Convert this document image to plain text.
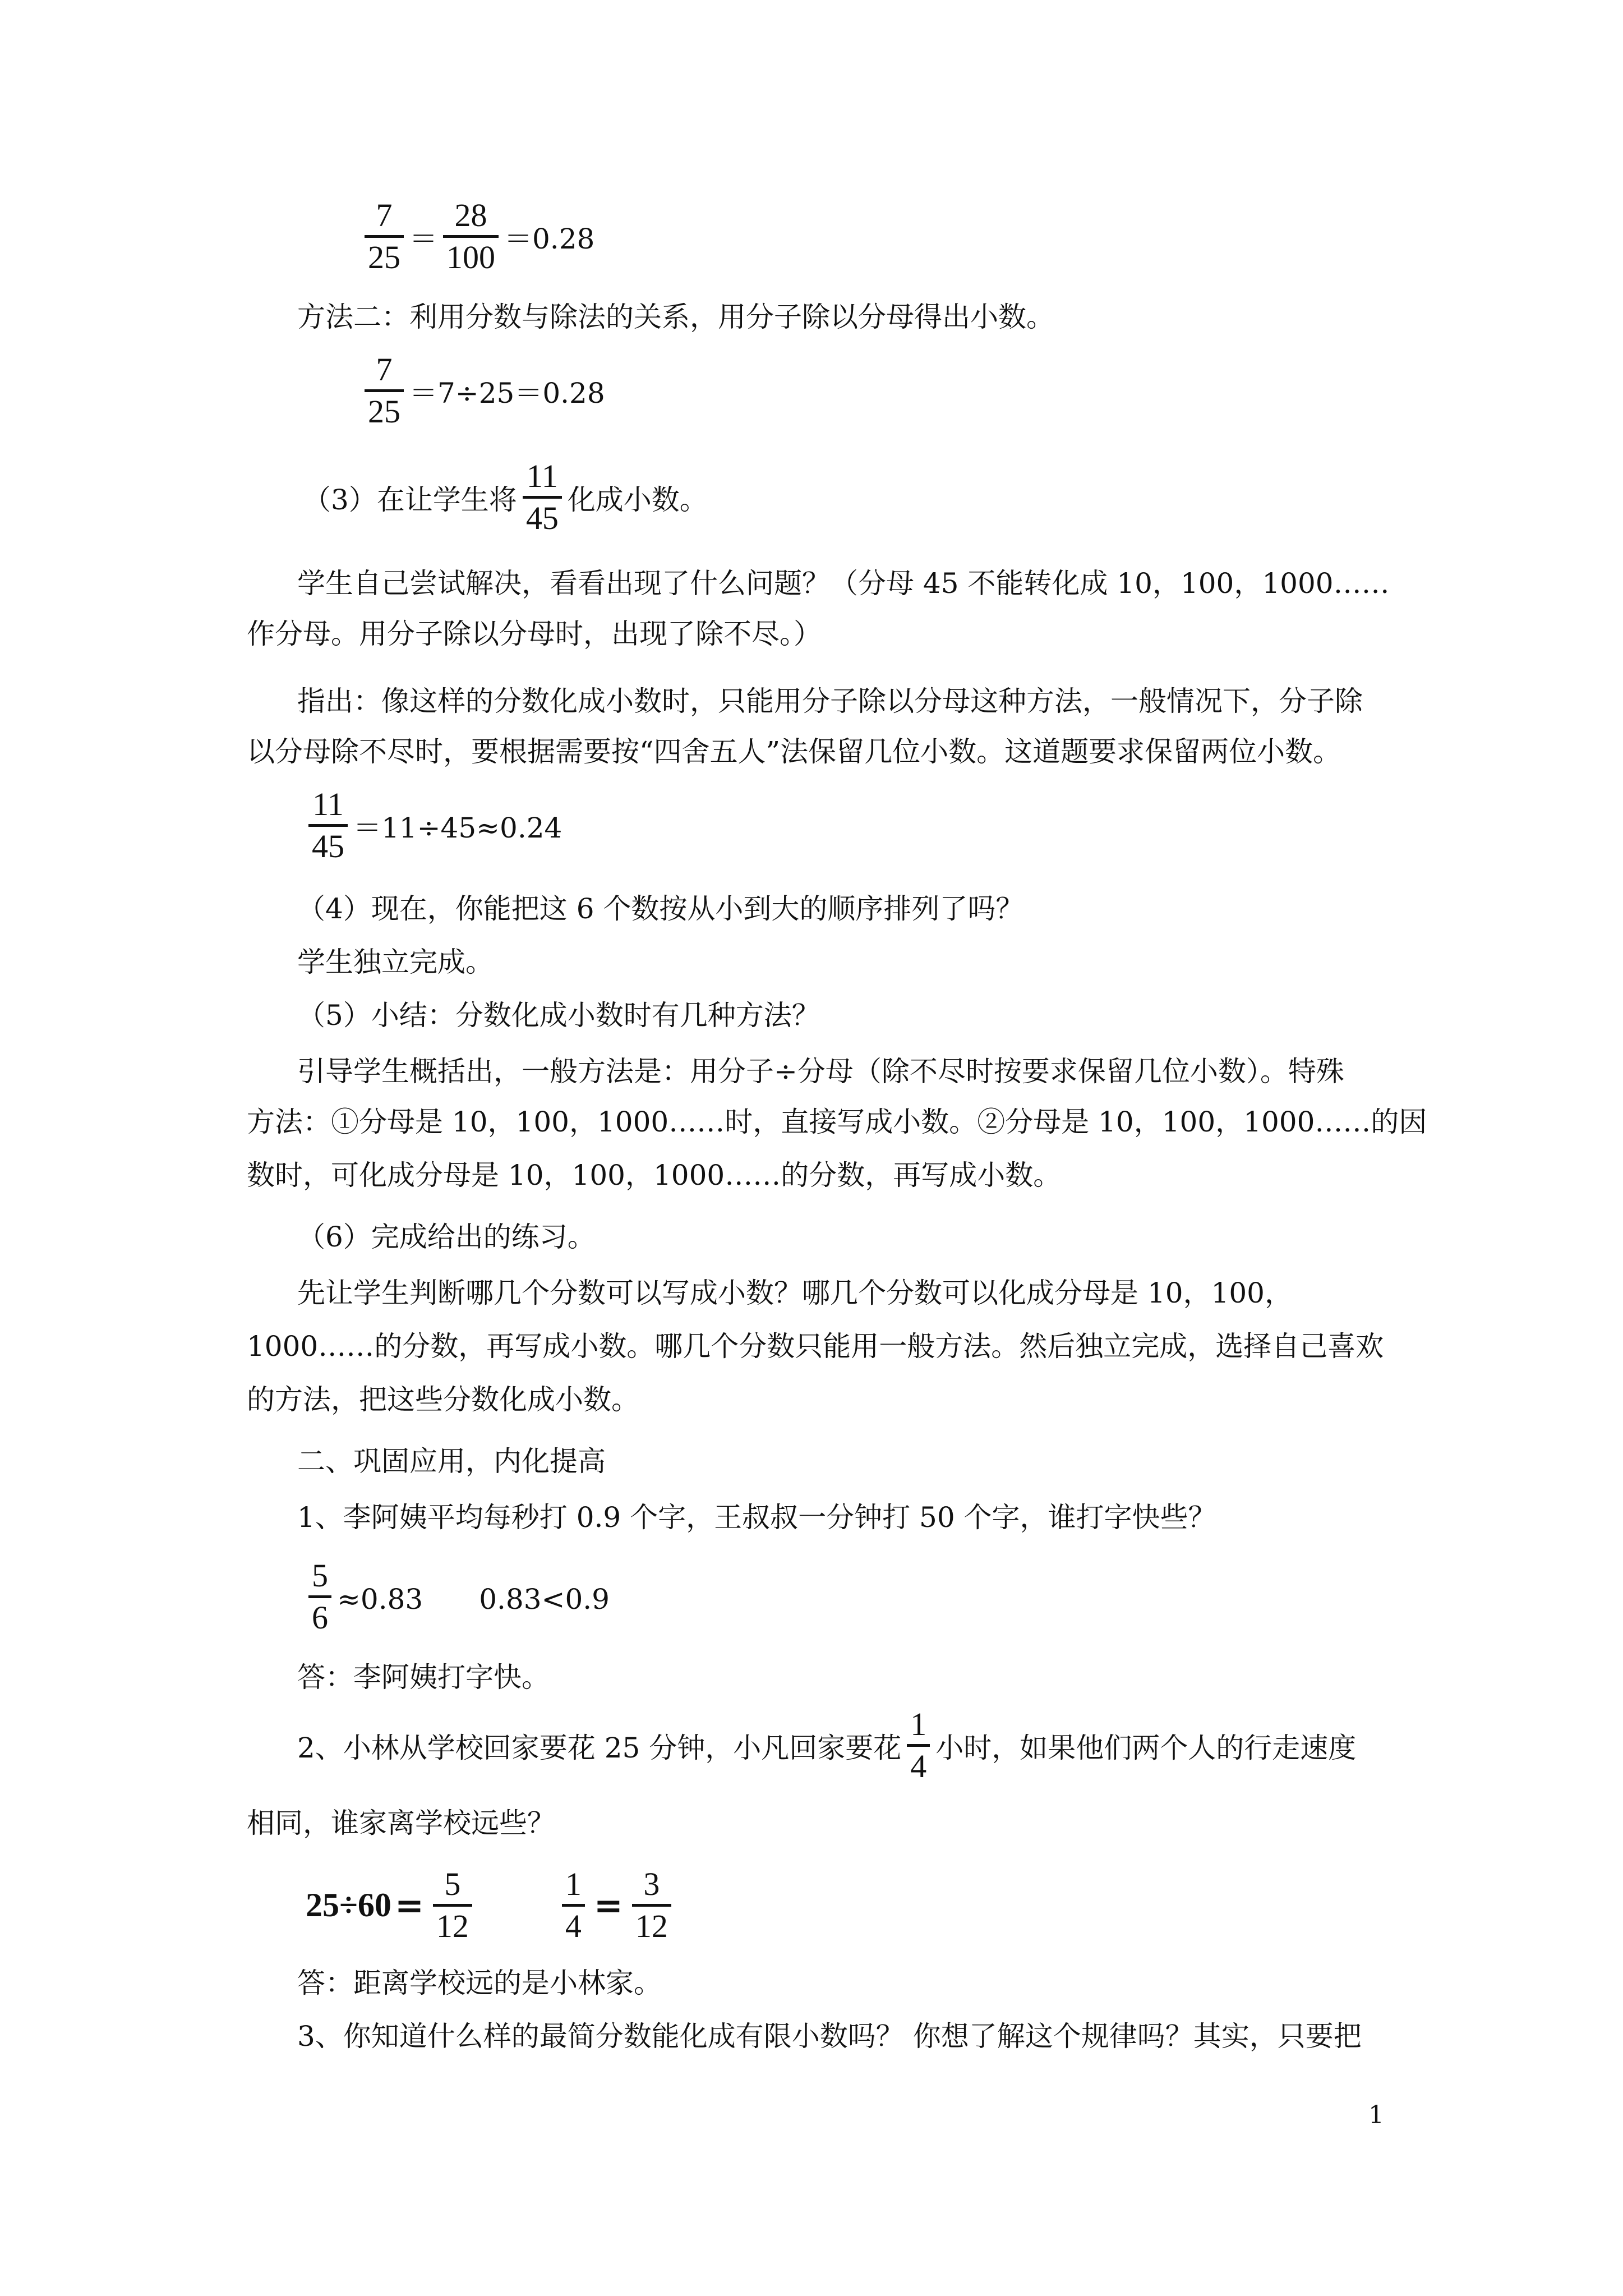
7
25
＝
28
100
＝0.28
方法二：利用分数与除法的关系，用分子除以分母得出小数。
7
25
＝7÷25＝0.28
（3）在让学生将
11
45
化成小数。
学生自己尝试解决，看看出现了什么问题？（分母 45 不能转化成 10，100，1000……
作分母。用分子除以分母时，出现了除不尽。）
指出：像这样的分数化成小数时，只能用分子除以分母这种方法，一般情况下，分子除
以分母除不尽时，要根据需要按“四舍五人”法保留几位小数。这道题要求保留两位小数。
11
45
＝11÷45≈0.24
（4）现在，你能把这 6 个数按从小到大的顺序排列了吗？
学生独立完成。
（5）小结：分数化成小数时有几种方法？
引导学生概括出，一般方法是：用分子÷分母（除不尽时按要求保留几位小数）。特殊
方法：①分母是 10，100，1000……时，直接写成小数。②分母是 10，100，1000……的因
数时，可化成分母是 10，100，1000……的分数，再写成小数。
（6）完成给出的练习。
先让学生判断哪几个分数可以写成小数？哪几个分数可以化成分母是 10，100，
1000……的分数，再写成小数。哪几个分数只能用一般方法。然后独立完成，选择自己喜欢
的方法，把这些分数化成小数。
二、巩固应用，内化提高
1、李阿姨平均每秒打 0.9 个字，王叔叔一分钟打 50 个字，谁打字快些？
5
6
≈0.83　　0.83<0.9
答：李阿姨打字快。
2、小林从学校回家要花 25 分钟，小凡回家要花
1
4
小时，如果他们两个人的行走速度
相同，谁家离学校远些？
25÷60 =
5
12
1
4
=
3
12
答：距离学校远的是小林家。
3、你知道什么样的最简分数能化成有限小数吗？ 你想了解这个规律吗？其实，只要把
1
